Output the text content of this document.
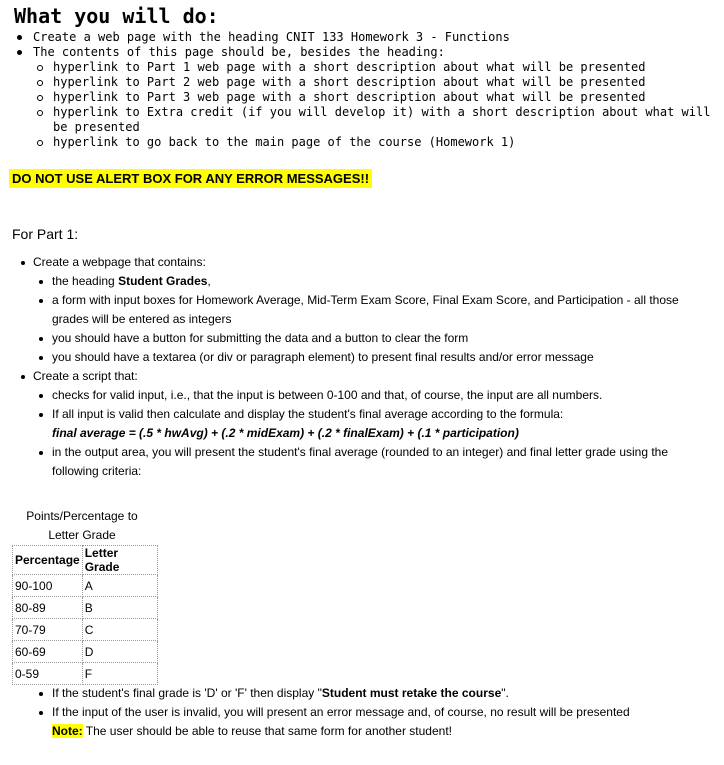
What you will do:
Create a web page with the heading CNIT 133 Homework 3 - Functions
The contents of this page should be, besides the heading:
hyperlink to Part 1 web page with a short description about what will be presented
hyperlink to Part 2 web page with a short description about what will be presented
hyperlink to Part 3 web page with a short description about what will be presented
hyperlink to Extra credit (if you will develop it) with a short description about what will be presented
hyperlink to go back to the main page of the course (Homework 1)
DO NOT USE ALERT BOX FOR ANY ERROR MESSAGES!!
For Part 1:
Create a webpage that contains:
the heading Student Grades,
a form with input boxes for Homework Average, Mid-Term Exam Score, Final Exam Score, and Participation - all those grades will be entered as integers
you should have a button for submitting the data and a button to clear the form
you should have a textarea (or div or paragraph element) to present final results and/or error message
Create a script that:
checks for valid input, i.e., that the input is between 0-100 and that, of course, the input are all numbers.
If all input is valid then calculate and display the student's final average according to the formula:
final average = (.5 * hwAvg) + (.2 * midExam) + (.2 * finalExam) + (.1 * participation)
in the output area, you will present the student's final average (rounded to an integer) and final letter grade using the following criteria:
Points/Percentage to Letter Grade
Percentage	Letter Grade
90-100	A
80-89	B
70-79	C
60-69	D
0-59	F
If the student's final grade is 'D' or 'F' then display "Student must retake the course".
If the input of the user is invalid, you will present an error message and, of course, no result will be presented
Note: The user should be able to reuse that same form for another student!
